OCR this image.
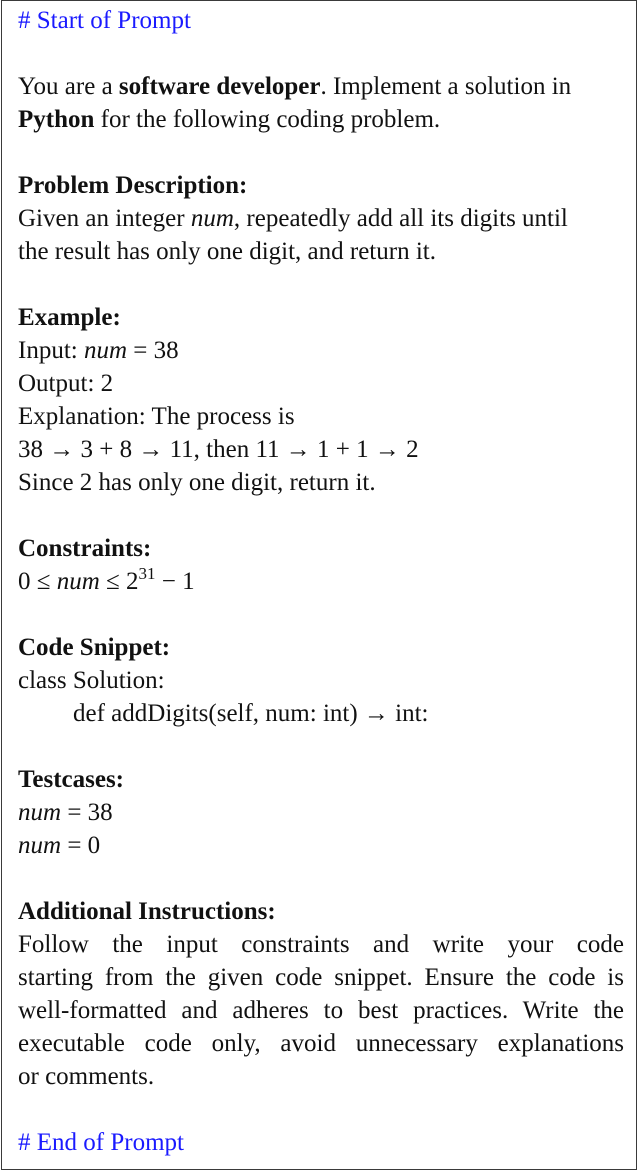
# Start of Prompt
You are a software developer. Implement a solution in
Python for the following coding problem.
Problem Description:
Given an integer num, repeatedly add all its digits until
the result has only one digit, and return it.
Example:
Input: num = 38
Output: 2
Explanation: The process is
38 → 3 + 8 → 11, then 11 → 1 + 1 → 2
Since 2 has only one digit, return it.
Constraints:
0 ≤ num ≤ $2^{31} - 1$
Code Snippet:
class Solution:
def addDigits(self, num: int) → int:
Testcases:
num = 38
num = 0
Additional Instructions:
Follow the input constraints and write your code
starting from the given code snippet. Ensure the code is
well-formatted and adheres to best practices. Write the
executable code only, avoid unnecessary explanations
or comments.
# End of Prompt
